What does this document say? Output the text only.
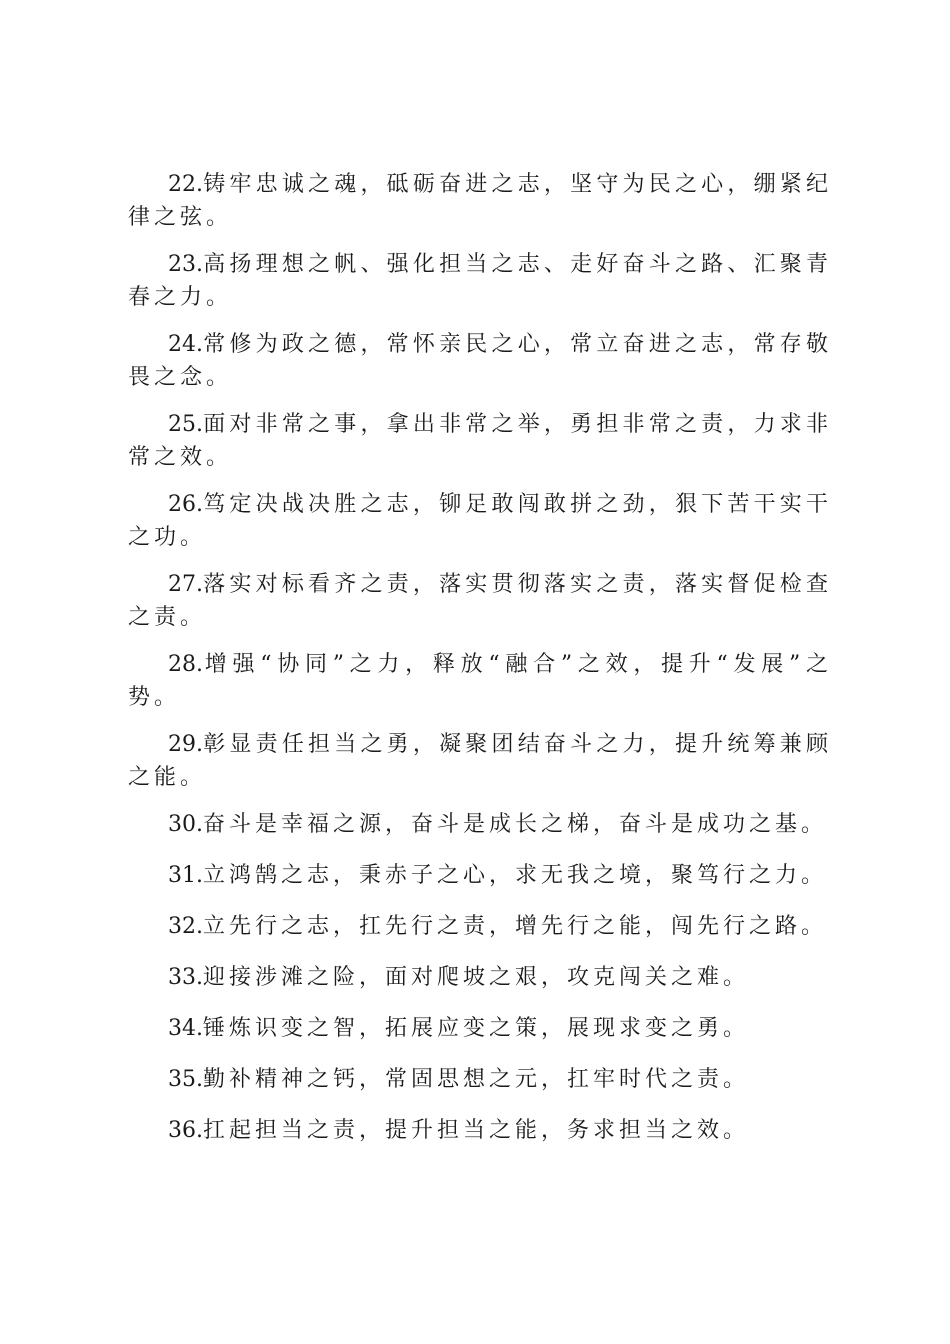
22.铸牢忠诚之魂，砥砺奋进之志，坚守为民之心，绷紧纪律之弦。

23.高扬理想之帆、强化担当之志、走好奋斗之路、汇聚青春之力。

24.常修为政之德，常怀亲民之心，常立奋进之志，常存敬畏之念。

25.面对非常之事，拿出非常之举，勇担非常之责，力求非常之效。

26.笃定决战决胜之志，铆足敢闯敢拼之劲，狠下苦干实干之功。

27.落实对标看齐之责，落实贯彻落实之责，落实督促检查之责。

28.增强“协同”之力，释放“融合”之效，提升“发展”之势。

29.彰显责任担当之勇，凝聚团结奋斗之力，提升统筹兼顾之能。

30.奋斗是幸福之源，奋斗是成长之梯，奋斗是成功之基。

31.立鸿鹄之志，秉赤子之心，求无我之境，聚笃行之力。

32.立先行之志，扛先行之责，增先行之能，闯先行之路。

33.迎接涉滩之险，面对爬坡之艰，攻克闯关之难。

34.锤炼识变之智，拓展应变之策，展现求变之勇。

35.勤补精神之钙，常固思想之元，扛牢时代之责。

36.扛起担当之责，提升担当之能，务求担当之效。
